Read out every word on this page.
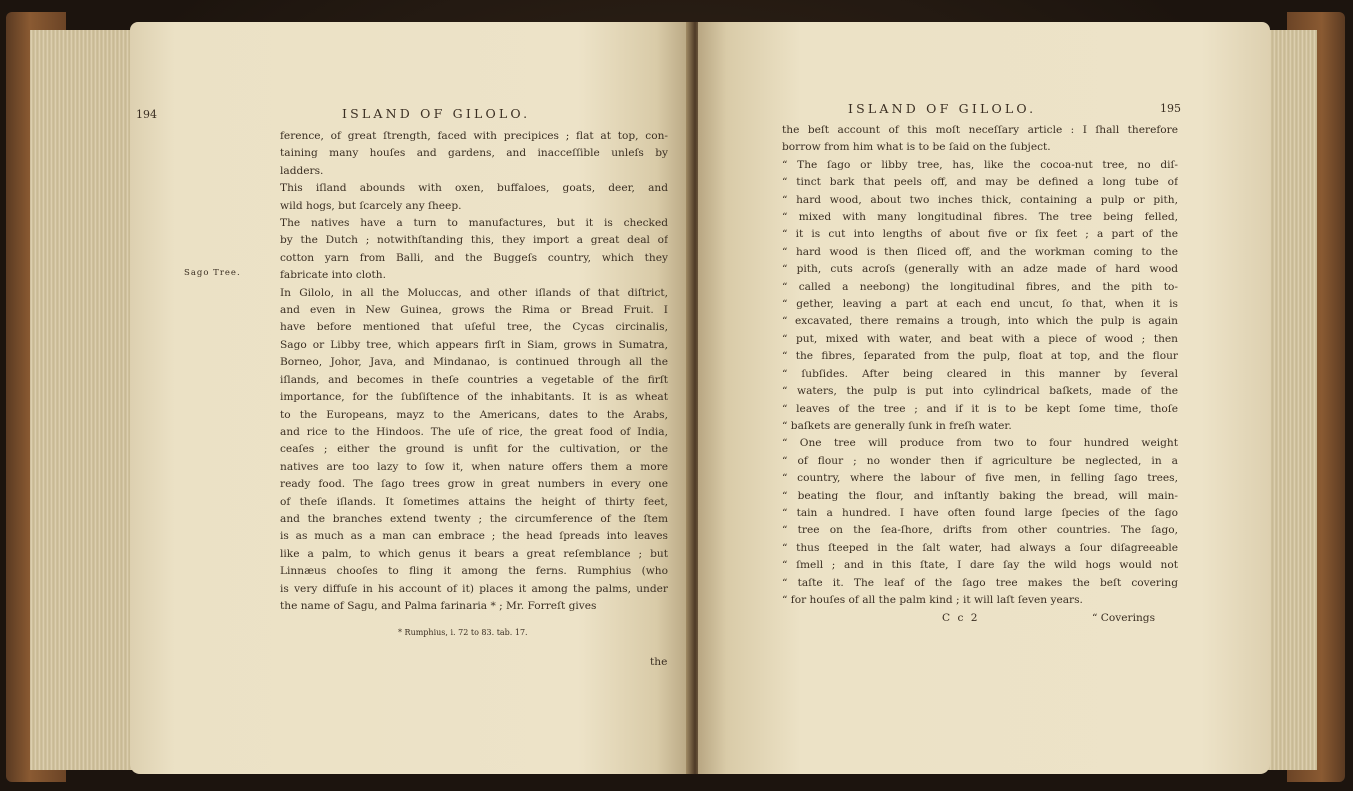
194	ISLAND OF GILOLO.
Sago Tree.
ference, of great ſtrength, faced with precipices ; flat at top, con-
taining many houſes and gardens, and inacceſſible unleſs by
ladders.
This iſland abounds with oxen, buffaloes, goats, deer, and
wild hogs, but ſcarcely any ſheep.
The natives have a turn to manufactures, but it is checked
by the Dutch ; notwithſtanding this, they import a great deal of
cotton yarn from Balli, and the Buggeſs country, which they
fabricate into cloth.
In Gilolo, in all the Moluccas, and other iſlands of that diſtrict,
and even in New Guinea, grows the Rima or Bread Fruit. I
have before mentioned that uſeful tree, the Cycas circinalis,
Sago or Libby tree, which appears firſt in Siam, grows in Sumatra,
Borneo, Johor, Java, and Mindanao, is continued through all the
iſlands, and becomes in theſe countries a vegetable of the firſt
importance, for the ſubſiſtence of the inhabitants. It is as wheat
to the Europeans, mayz to the Americans, dates to the Arabs,
and rice to the Hindoos. The uſe of rice, the great food of India,
ceaſes ; either the ground is unfit for the cultivation, or the
natives are too lazy to ſow it, when nature offers them a more
ready food. The ſago trees grow in great numbers in every one
of theſe iſlands. It ſometimes attains the height of thirty feet,
and the branches extend twenty ; the circumference of the ſtem
is as much as a man can embrace ; the head ſpreads into leaves
like a palm, to which genus it bears a great reſemblance ; but
Linnæus chooſes to fling it among the ferns. Rumphius (who
is very diffuſe in his account of it) places it among the palms, under
the name of Sagu, and Palma farinaria * ; Mr. Forreſt gives
* Rumphius, i. 72 to 83. tab. 17.
the
ISLAND OF GILOLO.	195
the beſt account of this moſt neceſſary article : I ſhall therefore
borrow from him what is to be ſaid on the ſubject.
“ The ſago or libby tree, has, like the cocoa-nut tree, no diſ-
“ tinct bark that peels off, and may be defined a long tube of
“ hard wood, about two inches thick, containing a pulp or pith,
“ mixed with many longitudinal fibres. The tree being felled,
“ it is cut into lengths of about five or ſix feet ; a part of the
“ hard wood is then ſliced off, and the workman coming to the
“ pith, cuts acroſs (generally with an adze made of hard wood
“ called a neebong) the longitudinal fibres, and the pith to-
“ gether, leaving a part at each end uncut, ſo that, when it is
“ excavated, there remains a trough, into which the pulp is again
“ put, mixed with water, and beat with a piece of wood ; then
“ the fibres, ſeparated from the pulp, float at top, and the flour
“ ſubſides. After being cleared in this manner by ſeveral
“ waters, the pulp is put into cylindrical baſkets, made of the
“ leaves of the tree ; and if it is to be kept ſome time, thoſe
“ baſkets are generally ſunk in freſh water.
“ One tree will produce from two to four hundred weight
“ of flour ; no wonder then if agriculture be neglected, in a
“ country, where the labour of five men, in felling ſago trees,
“ beating the flour, and inſtantly baking the bread, will main-
“ tain a hundred. I have often found large ſpecies of the ſago
“ tree on the ſea-ſhore, drifts from other countries. The ſago,
“ thus ſteeped in the ſalt water, had always a ſour diſagreeable
“ ſmell ; and in this ſtate, I dare ſay the wild hogs would not
“ taſte it. The leaf of the ſago tree makes the beſt covering
“ for houſes of all the palm kind ; it will laſt ſeven years.
C c 2	“ Coverings
